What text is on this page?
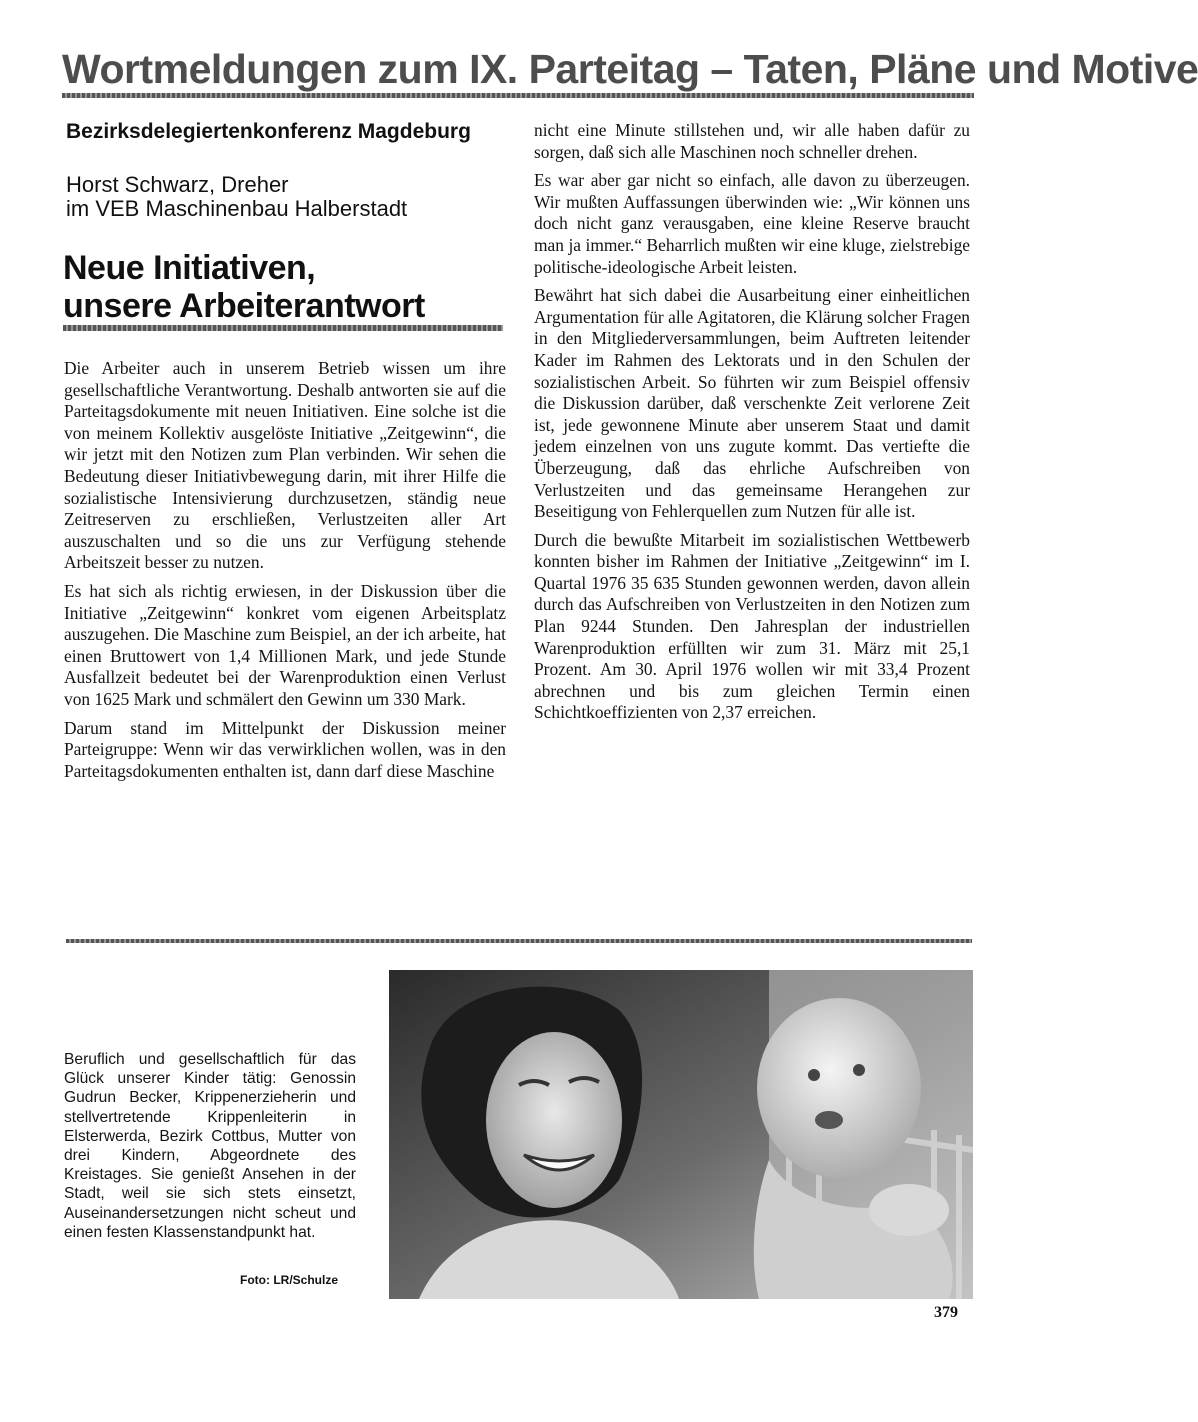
Wortmeldungen zum IX. Parteitag – Taten, Pläne und Motive
Bezirksdelegiertenkonferenz Magdeburg
Horst Schwarz, Dreher
im VEB Maschinenbau Halberstadt
Neue Initiativen,
unsere Arbeiterantwort

Die Arbeiter auch in unserem Betrieb wissen um ihre gesellschaftliche Verantwortung. Deshalb antworten sie auf die Parteitagsdokumente mit neuen Initiativen. Eine solche ist die von meinem Kollektiv ausgelöste Initiative „Zeitgewinn“, die wir jetzt mit den Notizen zum Plan verbinden. Wir sehen die Bedeutung dieser Initiativbewegung darin, mit ihrer Hilfe die sozialistische Intensivierung durchzusetzen, ständig neue Zeitreserven zu erschließen, Verlustzeiten aller Art auszuschalten und so die uns zur Verfügung stehende Arbeitszeit besser zu nutzen.

Es hat sich als richtig erwiesen, in der Diskussion über die Initiative „Zeitgewinn“ konkret vom eigenen Arbeitsplatz auszugehen. Die Maschine zum Beispiel, an der ich arbeite, hat einen Bruttowert von 1,4 Millionen Mark, und jede Stunde Ausfallzeit bedeutet bei der Warenproduktion einen Verlust von 1625 Mark und schmälert den Gewinn um 330 Mark.

Darum stand im Mittelpunkt der Diskussion meiner Parteigruppe: Wenn wir das verwirklichen wollen, was in den Parteitagsdokumenten enthalten ist, dann darf diese Maschine

nicht eine Minute stillstehen und, wir alle haben dafür zu sorgen, daß sich alle Maschinen noch schneller drehen.

Es war aber gar nicht so einfach, alle davon zu überzeugen. Wir mußten Auffassungen überwinden wie: „Wir können uns doch nicht ganz verausgaben, eine kleine Reserve braucht man ja immer.“ Beharrlich mußten wir eine kluge, zielstrebige politische-ideologische Arbeit leisten.

Bewährt hat sich dabei die Ausarbeitung einer einheitlichen Argumentation für alle Agitatoren, die Klärung solcher Fragen in den Mitgliederversammlungen, beim Auftreten leitender Kader im Rahmen des Lektorats und in den Schulen der sozialistischen Arbeit. So führten wir zum Beispiel offensiv die Diskussion darüber, daß verschenkte Zeit verlorene Zeit ist, jede gewonnene Minute aber unserem Staat und damit jedem einzelnen von uns zugute kommt. Das vertiefte die Überzeugung, daß das ehrliche Aufschreiben von Verlustzeiten und das gemeinsame Herangehen zur Beseitigung von Fehlerquellen zum Nutzen für alle ist.

Durch die bewußte Mitarbeit im sozialistischen Wettbewerb konnten bisher im Rahmen der Initiative „Zeitgewinn“ im I. Quartal 1976 35 635 Stunden gewonnen werden, davon allein durch das Aufschreiben von Verlustzeiten in den Notizen zum Plan 9244 Stunden. Den Jahresplan der industriellen Warenproduktion erfüllten wir zum 31. März mit 25,1 Prozent. Am 30. April 1976 wollen wir mit 33,4 Prozent abrechnen und bis zum gleichen Termin einen Schichtkoeffizienten von 2,37 erreichen.

Beruflich und gesellschaftlich für das Glück unserer Kinder tätig: Genossin Gudrun Becker, Krippenerzieherin und stellvertretende Krippenleiterin in Elsterwerda, Bezirk Cottbus, Mutter von drei Kindern, Abgeordnete des Kreistages. Sie genießt Ansehen in der Stadt, weil sie sich stets einsetzt, Auseinandersetzungen nicht scheut und einen festen Klassenstandpunkt hat.

Foto: LR/Schulze
379
